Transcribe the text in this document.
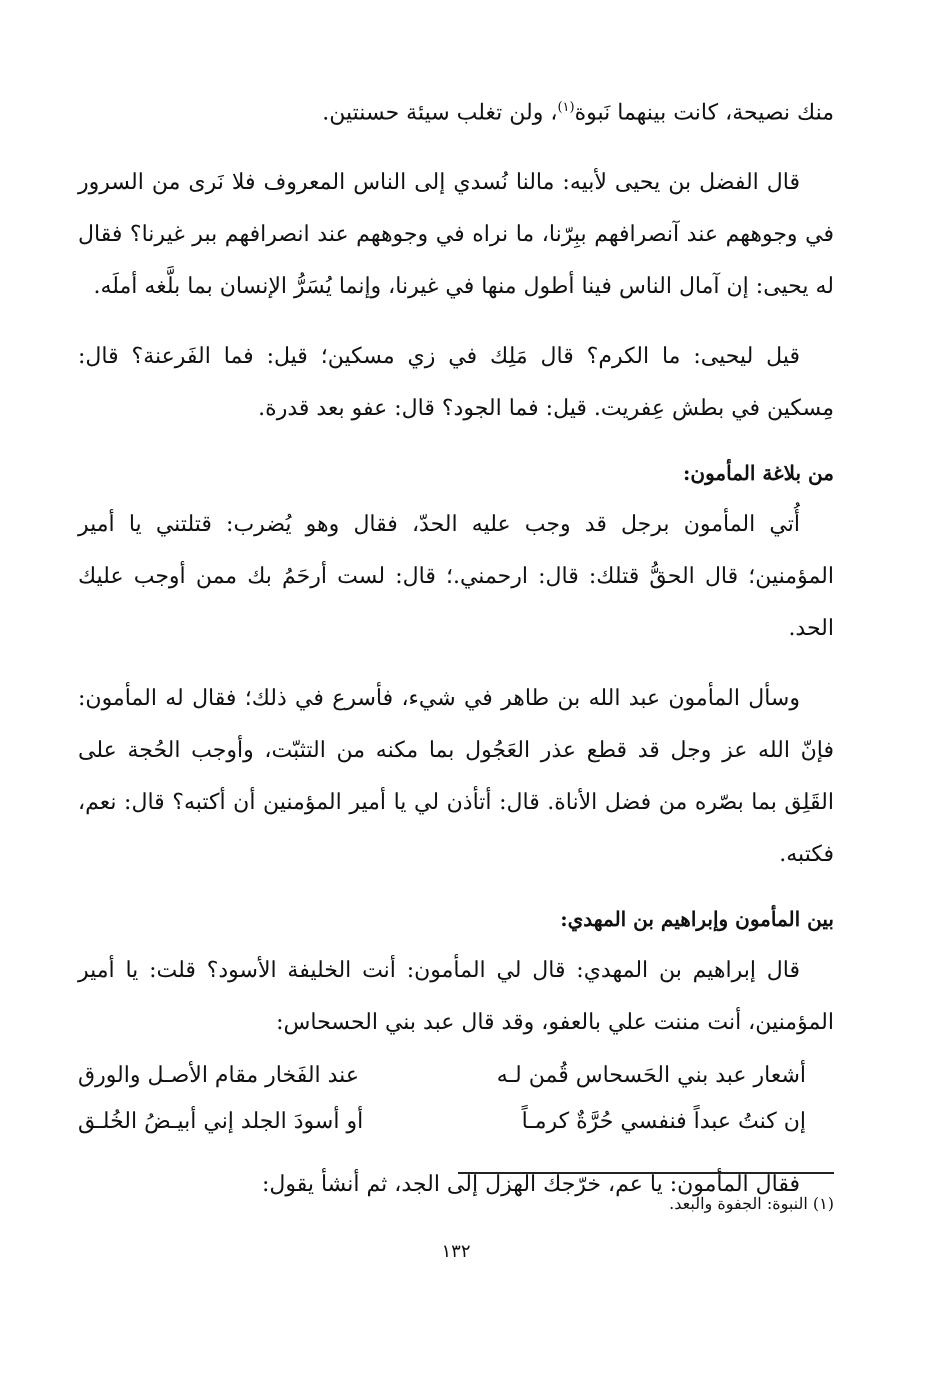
منك نصيحة، كانت بينهما نَبوة$^{(١)}$، ولن تغلب سيئة حسنتين.

قال الفضل بن يحيى لأبيه: مالنا نُسدي إلى الناس المعروف فلا نَرى من السرور في وجوههم عند آنصرافهم ببِرّنا، ما نراه في وجوههم عند انصرافهم ببر غيرنا؟ فقال له يحيى: إن آمال الناس فينا أطول منها في غيرنا، وإنما يُسَرُّ الإنسان بما بلَّغه أملَه.

قيل ليحيى: ما الكرم؟ قال مَلِك في زي مسكين؛ قيل: فما الفَرعنة؟ قال: مِسكين في بطش عِفريت. قيل: فما الجود؟ قال: عفو بعد قدرة.

من بلاغة المأمون:

أُتي المأمون برجل قد وجب عليه الحدّ، فقال وهو يُضرب: قتلتني يا أمير المؤمنين؛ قال الحقُّ قتلك: قال: ارحمني.؛ قال: لست أرحَمُ بك ممن أوجب عليك الحد.

وسأل المأمون عبد الله بن طاهر في شيء، فأسرع في ذلك؛ فقال له المأمون: فإنّ الله عز وجل قد قطع عذر العَجُول بما مكنه من التثبّت، وأوجب الحُجة على القَلِق بما بصّره من فضل الأناة. قال: أتأذن لي يا أمير المؤمنين أن أكتبه؟ قال: نعم، فكتبه.

بين المأمون وإبراهيم بن المهدي:

قال إبراهيم بن المهدي: قال لي المأمون: أنت الخليفة الأسود؟ قلت: يا أمير المؤمنين، أنت مننت علي بالعفو، وقد قال عبد بني الحسحاس:

أشعار عبد بني الحَسحاس قُمن لـه
عند الفَخار مقام الأصـل والورق
إن كنتُ عبداً فنفسي حُرَّةٌ كرمـاً
أو أسودَ الجلد إني أبيـضُ الخُلـق

فقال المأمون: يا عم، خرّجك الهزل إلى الجد، ثم أنشأ يقول:

(١) النبوة: الجفوة والبعد.
١٣٢
